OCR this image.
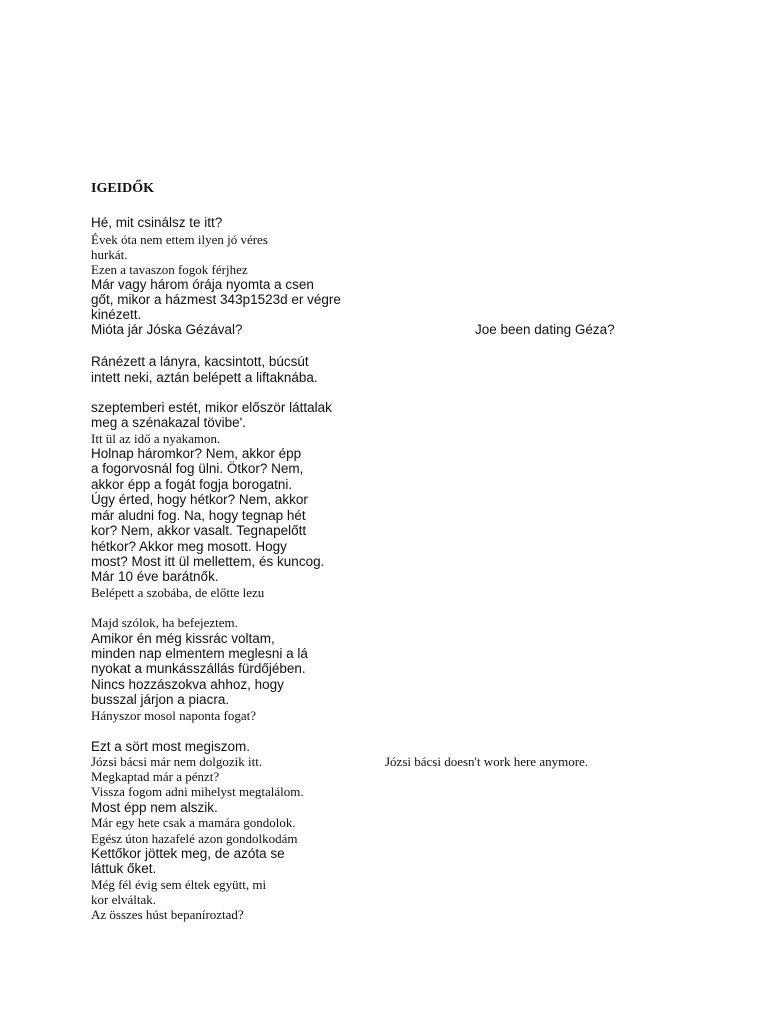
IGEIDŐK
Hé, mit csinálsz te itt?
Évek óta nem ettem ilyen jó véres
hurkát.
Ezen a tavaszon fogok férjhez
Már vagy három órája nyomta a csen
gőt, mikor a házmest 343p1523d er végre
kinézett.
Mióta jár Jóska Gézával?	Joe been dating Géza?
Ránézett a lányra, kacsintott, búcsút
intett neki, aztán belépett a liftaknába.
szeptemberi estét, mikor először láttalak
meg a szénakazal tövibe'.
Itt ül az idő a nyakamon.
Holnap háromkor? Nem, akkor épp
a fogorvosnál fog ülni. Ötkor? Nem,
akkor épp a fogát fogja borogatni.
Úgy érted, hogy hétkor? Nem, akkor
már aludni fog. Na, hogy tegnap hét
kor? Nem, akkor vasalt. Tegnapelőtt
hétkor? Akkor meg mosott. Hogy
most? Most itt ül mellettem, és kuncog.
Már 10 éve barátnők.
Belépett a szobába, de előtte lezu
Majd szólok, ha befejeztem.
Amikor én még kissrác voltam,
minden nap elmentem meglesni a lá
nyokat a munkásszállás fürdőjében.
Nincs hozzászokva ahhoz, hogy
busszal járjon a piacra.
Hányszor mosol naponta fogat?
Ezt a sört most megiszom.
Józsi bácsi már nem dolgozik itt.	Józsi bácsi doesn't work here anymore.
Megkaptad már a pénzt?
Vissza fogom adni mihelyst megtalálom.
Most épp nem alszik.
Már egy hete csak a mamára gondolok.
Egész úton hazafelé azon gondolkodám
Kettőkor jöttek meg, de azóta se
láttuk őket.
Még fél évig sem éltek együtt, mi
kor elváltak.
Az összes húst bepaníroztad?
